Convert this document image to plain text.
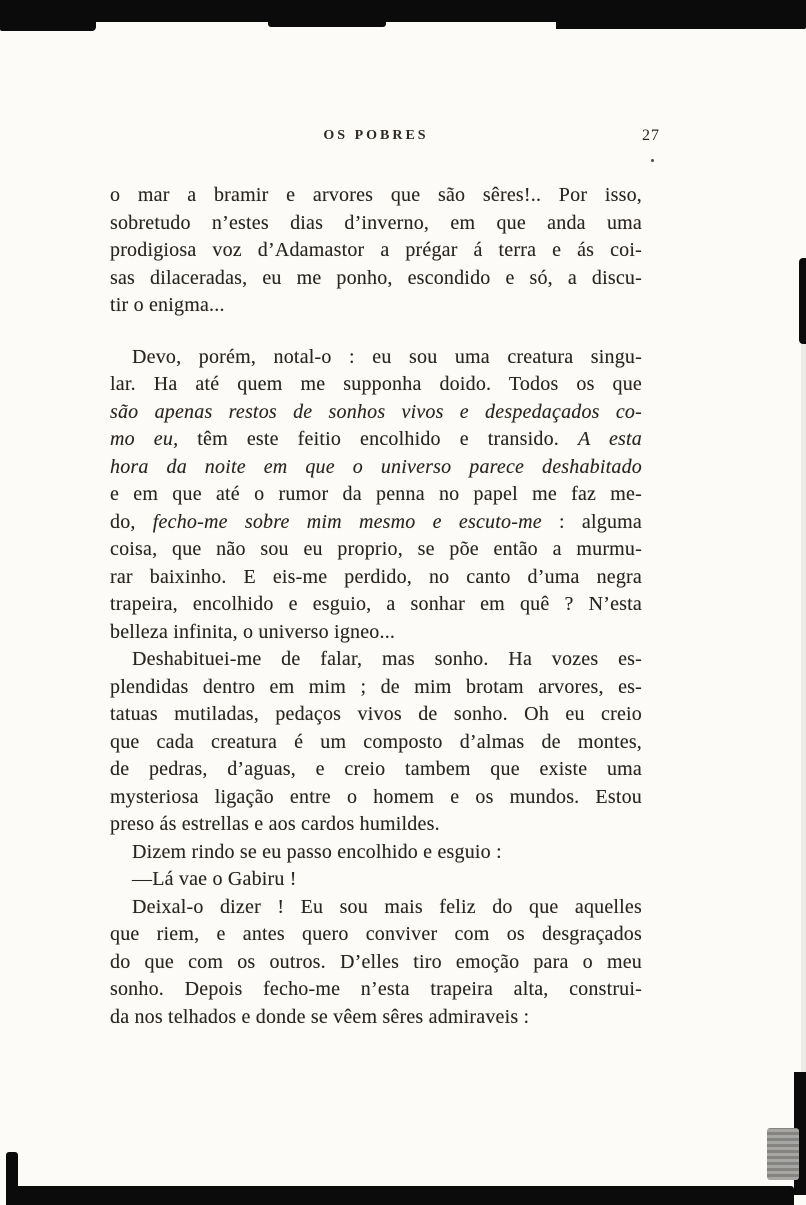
OS POBRES	27
o mar a bramir e arvores que são sêres!.. Por isso,
sobretudo n’estes dias d’inverno, em que anda uma
prodigiosa voz d’Adamastor a prégar á terra e ás coi-
sas dilaceradas, eu me ponho, escondido e só, a discu-
tir o enigma...
Devo, porém, notal-o : eu sou uma creatura singu-
lar. Ha até quem me supponha doido. Todos os que
são apenas restos de sonhos vivos e despedaçados co-
mo eu, têm este feitio encolhido e transido. A esta
hora da noite em que o universo parece deshabitado
e em que até o rumor da penna no papel me faz me-
do, fecho-me sobre mim mesmo e escuto-me : alguma
coisa, que não sou eu proprio, se põe então a murmu-
rar baixinho. E eis-me perdido, no canto d’uma negra
trapeira, encolhido e esguio, a sonhar em quê ? N’esta
belleza infinita, o universo igneo...
Deshabituei-me de falar, mas sonho. Ha vozes es-
plendidas dentro em mim ; de mim brotam arvores, es-
tatuas mutiladas, pedaços vivos de sonho. Oh eu creio
que cada creatura é um composto d’almas de montes,
de pedras, d’aguas, e creio tambem que existe uma
mysteriosa ligação entre o homem e os mundos. Estou
preso ás estrellas e aos cardos humildes.
Dizem rindo se eu passo encolhido e esguio :
—Lá vae o Gabiru !
Deixal-o dizer ! Eu sou mais feliz do que aquelles
que riem, e antes quero conviver com os desgraçados
do que com os outros. D’elles tiro emoção para o meu
sonho. Depois fecho-me n’esta trapeira alta, construi-
da nos telhados e donde se vêem sêres admiraveis :
